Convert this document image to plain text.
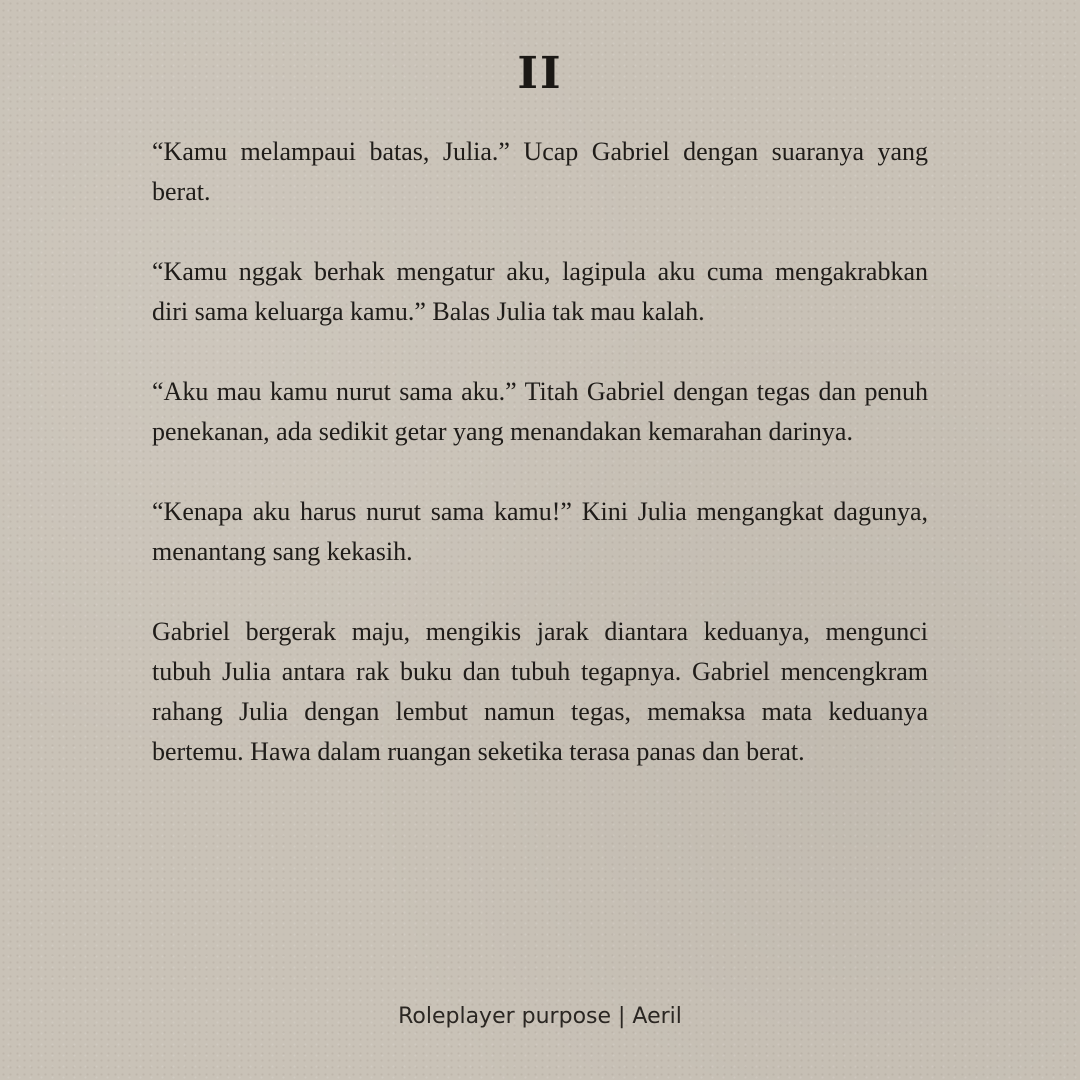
II

“Kamu melampaui batas, Julia.” Ucap Gabriel dengan suaranya yang berat.

“Kamu nggak berhak mengatur aku, lagipula aku cuma mengakrabkan diri sama keluarga kamu.” Balas Julia tak mau kalah.

“Aku mau kamu nurut sama aku.” Titah Gabriel dengan tegas dan penuh penekanan, ada sedikit getar yang menandakan kemarahan darinya.

“Kenapa aku harus nurut sama kamu!” Kini Julia mengangkat dagunya, menantang sang kekasih.

Gabriel bergerak maju, mengikis jarak diantara keduanya, mengunci tubuh Julia antara rak buku dan tubuh tegapnya. Gabriel mencengkram rahang Julia dengan lembut namun tegas, memaksa mata keduanya bertemu. Hawa dalam ruangan seketika terasa panas dan berat.

Roleplayer purpose | Aeril
